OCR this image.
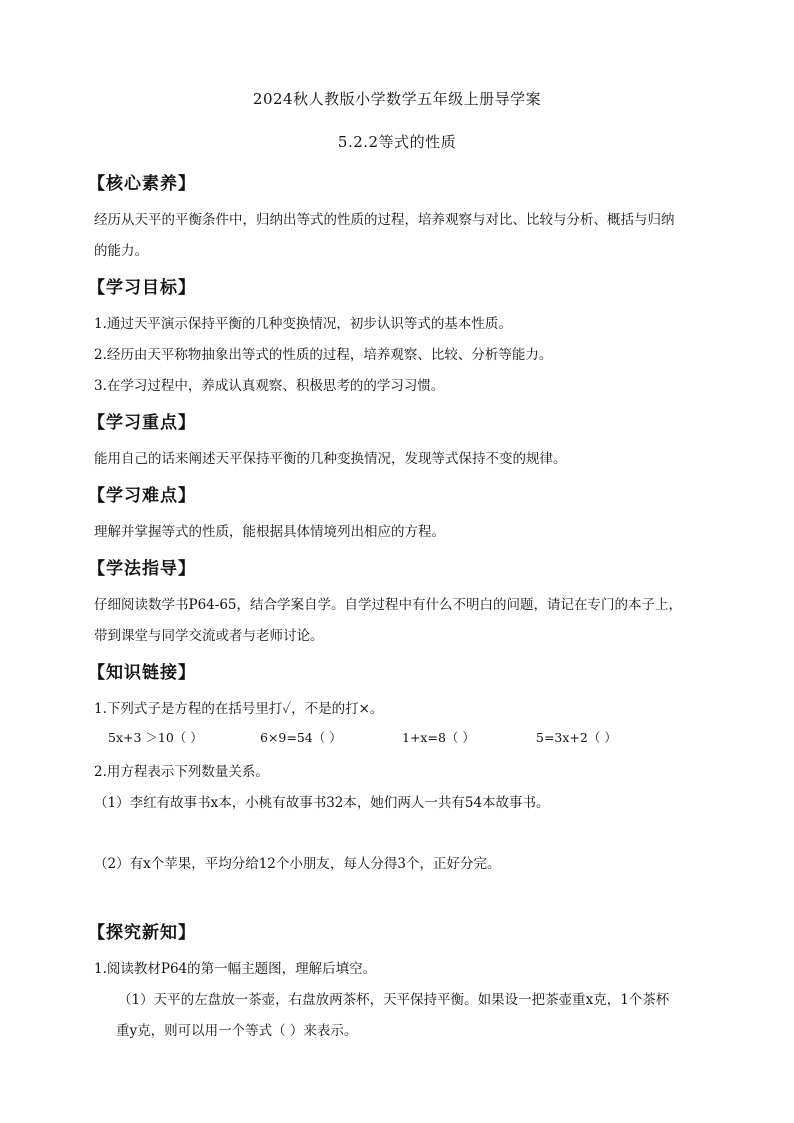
2024秋人教版小学数学五年级上册导学案
5.2.2等式的性质
【核心素养】
经历从天平的平衡条件中，归纳出等式的性质的过程，培养观察与对比、比较与分析、概括与归纳
的能力。
【学习目标】
1.通过天平演示保持平衡的几种变换情况，初步认识等式的基本性质。
2.经历由天平称物抽象出等式的性质的过程，培养观察、比较、分析等能力。
3.在学习过程中，养成认真观察、积极思考的的学习习惯。
【学习重点】
能用自己的话来阐述天平保持平衡的几种变换情况，发现等式保持不变的规律。
【学习难点】
理解并掌握等式的性质，能根据具体情境列出相应的方程。
【学法指导】
仔细阅读数学书P64-65，结合学案自学。自学过程中有什么不明白的问题，请记在专门的本子上，
带到课堂与同学交流或者与老师讨论。
【知识链接】
1.下列式子是方程的在括号里打✓，不是的打×。
5x+3 ＞10（ ）	6×9=54（ ）	1+x=8（ ）	5=3x+2（ ）
2.用方程表示下列数量关系。
（1）李红有故事书x本，小桃有故事书32本，她们两人一共有54本故事书。
（2）有x个苹果，平均分给12个小朋友，每人分得3个，正好分完。
【探究新知】
1.阅读教材P64的第一幅主题图，理解后填空。
（1）天平的左盘放一茶壶，右盘放两茶杯，天平保持平衡。如果设一把茶壶重x克，1个茶杯
重y克，则可以用一个等式（ ）来表示。
